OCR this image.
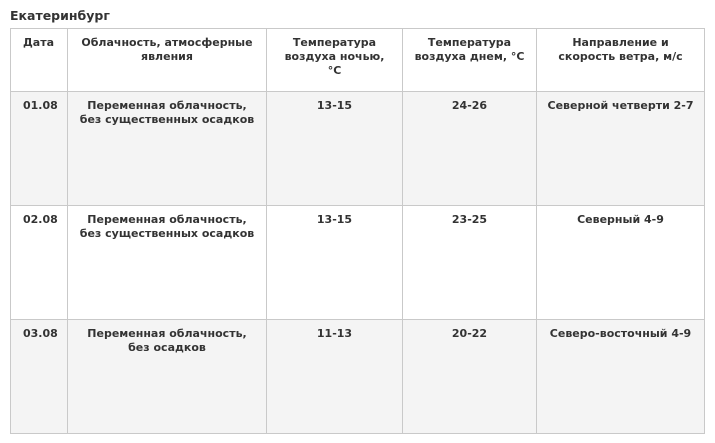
Екатеринбург
Дата	Облачность, атмосферные явления	Температура воздуха ночью, °С	Температура воздуха днем, °С	Направление и скорость ветра, м/с

01.08	Переменная облачность, без существенных осадков	13-15	24-26	Северной четверти 2-7

02.08	Переменная облачность, без существенных осадков	13-15	23-25	Северный 4-9

03.08	Переменная облачность, без осадков	11-13	20-22	Северо-восточный 4-9
